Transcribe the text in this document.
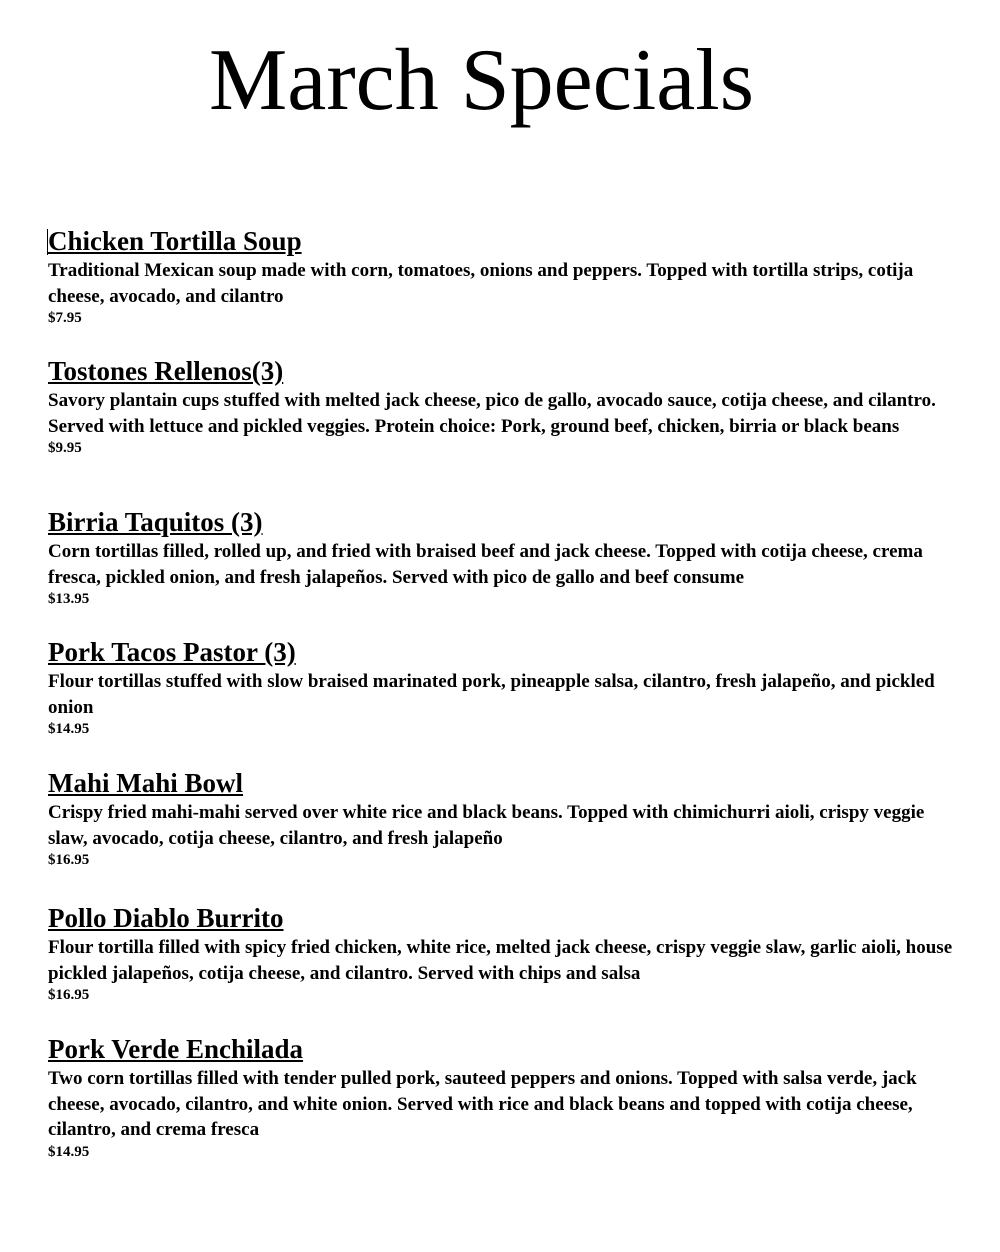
March Specials
Chicken Tortilla Soup
Traditional Mexican soup made with corn, tomatoes, onions and peppers. Topped with tortilla strips, cotija cheese, avocado, and cilantro
$7.95
Tostones Rellenos(3)
Savory plantain cups stuffed with melted jack cheese, pico de gallo, avocado sauce, cotija cheese, and cilantro. Served with lettuce and pickled veggies. Protein choice: Pork, ground beef, chicken, birria or black beans
$9.95
Birria Taquitos (3)
Corn tortillas filled, rolled up, and fried with braised beef and jack cheese. Topped with cotija cheese, crema fresca, pickled onion, and fresh jalapeños. Served with pico de gallo and beef consume
$13.95
Pork Tacos Pastor (3)
Flour tortillas stuffed with slow braised marinated pork, pineapple salsa, cilantro, fresh jalapeño, and pickled onion
$14.95
Mahi Mahi Bowl
Crispy fried mahi-mahi served over white rice and black beans. Topped with chimichurri aioli, crispy veggie slaw, avocado, cotija cheese, cilantro, and fresh jalapeño
$16.95
Pollo Diablo Burrito
Flour tortilla filled with spicy fried chicken, white rice, melted jack cheese, crispy veggie slaw, garlic aioli, house pickled jalapeños, cotija cheese, and cilantro. Served with chips and salsa
$16.95
Pork Verde Enchilada
Two corn tortillas filled with tender pulled pork, sauteed peppers and onions. Topped with salsa verde, jack cheese, avocado, cilantro, and white onion. Served with rice and black beans and topped with cotija cheese, cilantro, and crema fresca
$14.95
